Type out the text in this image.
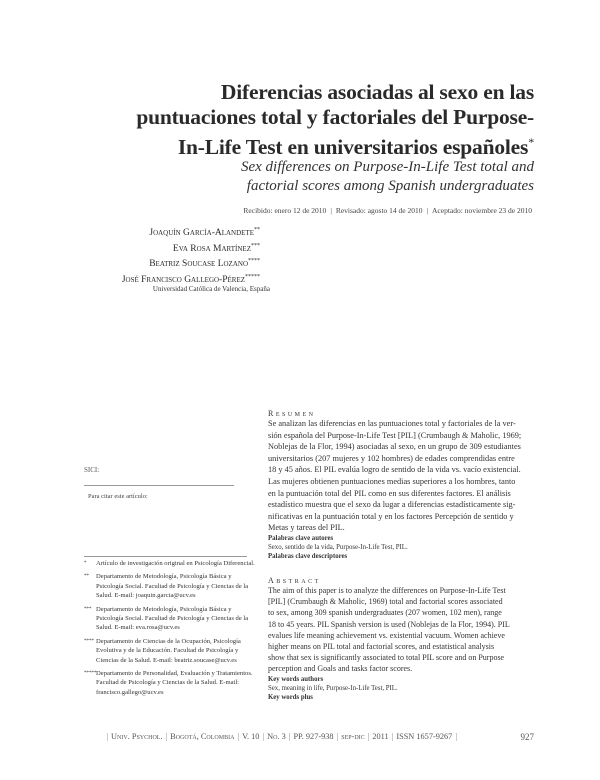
Diferencias asociadas al sexo en las
puntuaciones total y factoriales del Purpose-
In-Life Test en universitarios españoles*
Sex differences on Purpose-In-Life Test total and
factorial scores among Spanish undergraduates
Recibido: enero 12 de 2010 | Revisado: agosto 14 de 2010 | Aceptado: noviembre 23 de 2010
Joaquín García-Alandete**
Eva Rosa Martínez***
Beatriz Soucase Lozano****
José Francisco Gallego-Pérez*****
Universidad Católica de Valencia, España
Resumen
Se analizan las diferencias en las puntuaciones total y factoriales de la ver-
sión española del Purpose-In-Life Test [PIL] (Crumbaugh & Maholic, 1969;
Noblejas de la Flor, 1994) asociadas al sexo, en un grupo de 309 estudiantes
universitarios (207 mujeres y 102 hombres) de edades comprendidas entre
18 y 45 años. El PIL evalúa logro de sentido de la vida vs. vacío existencial.
Las mujeres obtienen puntuaciones medias superiores a los hombres, tanto
en la puntuación total del PIL como en sus diferentes factores. El análisis
estadístico muestra que el sexo da lugar a diferencias estadísticamente sig-
nificativas en la puntuación total y en los factores Percepción de sentido y
Metas y tareas del PIL.
Palabras clave autores
Sexo, sentido de la vida, Purpose-In-Life Test, PIL.
Palabras clave descriptores
Abstract
The aim of this paper is to analyze the differences on Purpose-In-Life Test
[PIL] (Crumbaugh & Maholic, 1969) total and factorial scores associated
to sex, among 309 spanish undergraduates (207 women, 102 men), range
18 to 45 years. PIL Spanish version is used (Noblejas de la Flor, 1994). PIL
evalues life meaning achievement vs. existential vacuum. Women achieve
higher means on PIL total and factorial scores, and estatistical analysis
show that sex is significantly associated to total PIL score and on Purpose
perception and Goals and tasks factor scores.
Key words authors
Sex, meaning in life, Purpose-In-Life Test, PIL.
Key words plus
SICI:
Para citar este artículo:
* Artículo de investigación original en Psicología Diferencial.
** Departamento de Metodología, Psicología Básica y Psicología Social. Facultad de Psicología y Ciencias de la Salud. E-mail: joaquin.garcia@ucv.es
*** Departamento de Metodología, Psicología Básica y Psicología Social. Facultad de Psicología y Ciencias de la Salud. E-mail: eva.rosa@ucv.es
**** Departamento de Ciencias de la Ocupación, Psicología Evolutiva y de la Educación. Facultad de Psicología y Ciencias de la Salud. E-mail: beatriz.soucase@ucv.es
***** Departamento de Personalidad, Evaluación y Tratamientos. Facultad de Psicología y Ciencias de la Salud. E-mail: francisco.gallego@ucv.es
| Univ. Psychol. | Bogotá, Colombia | V. 10 | No. 3 | PP. 927-938 | sep-dic | 2011 | ISSN 1657-9267 |	927
